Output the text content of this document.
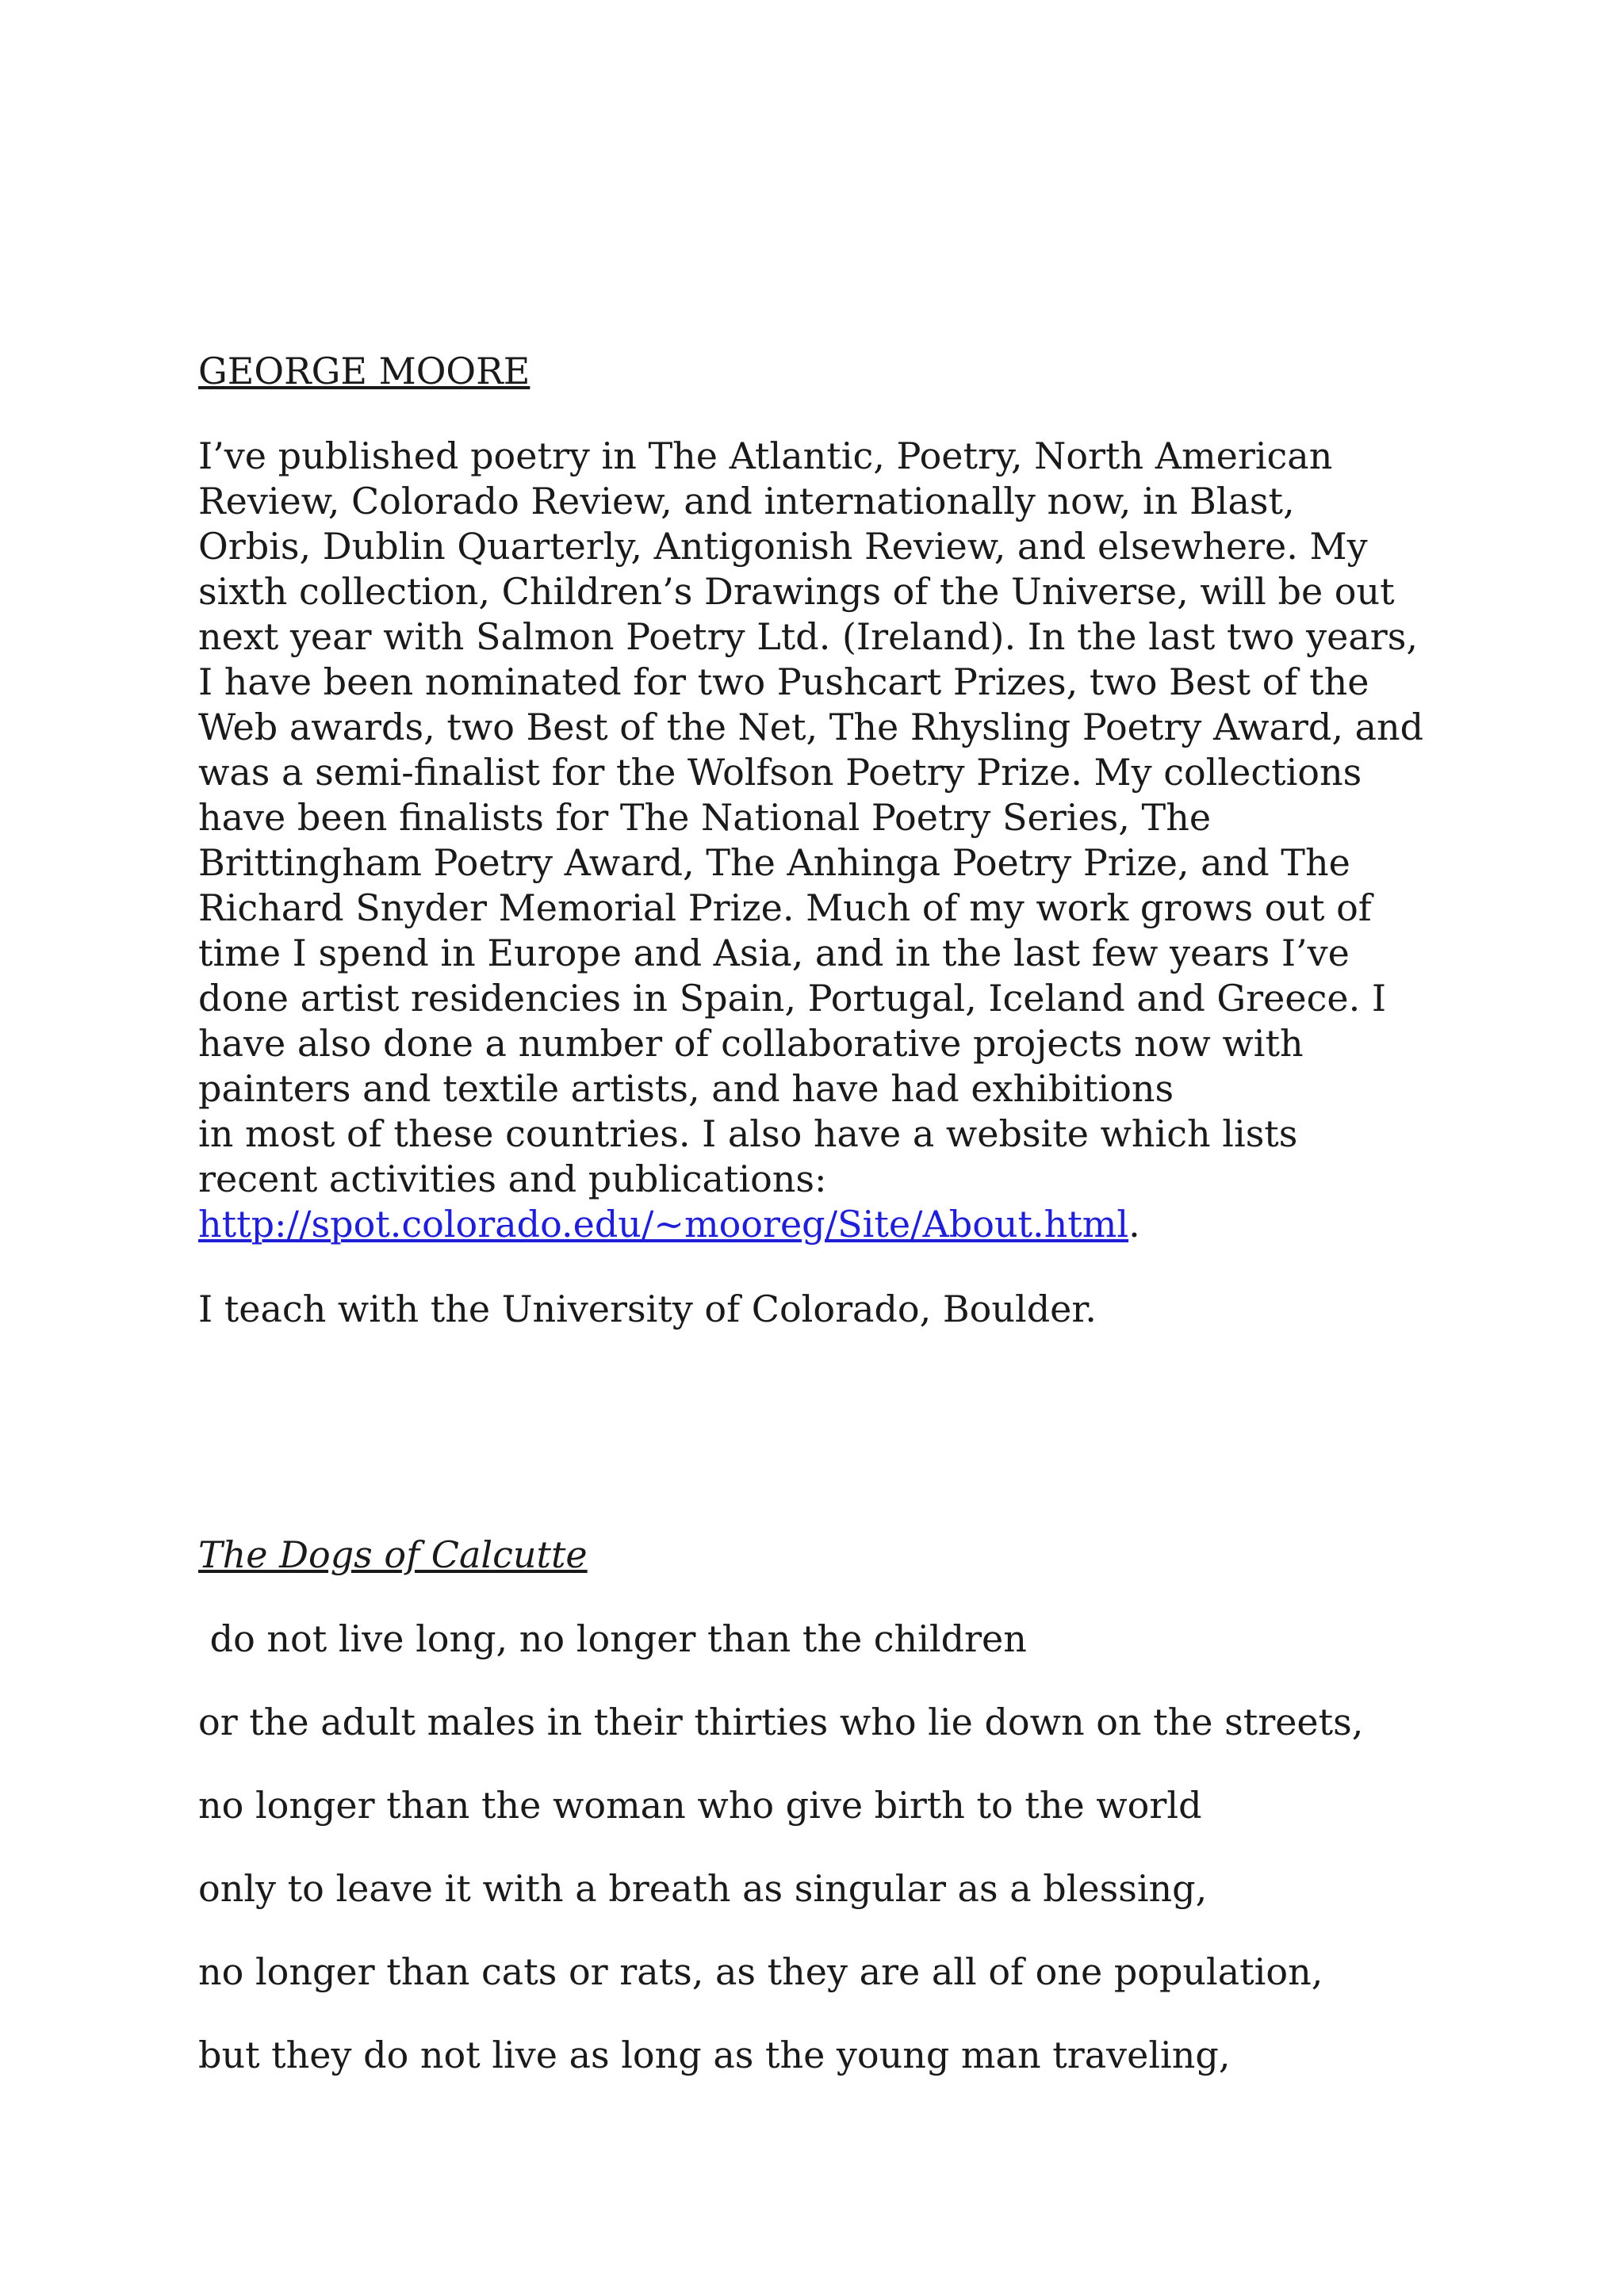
GEORGE MOORE

I’ve published poetry in The Atlantic, Poetry, North American
Review, Colorado Review, and internationally now, in Blast,
Orbis, Dublin Quarterly, Antigonish Review, and elsewhere. My
sixth collection, Children’s Drawings of the Universe, will be out
next year with Salmon Poetry Ltd. (Ireland). In the last two years,
I have been nominated for two Pushcart Prizes, two Best of the
Web awards, two Best of the Net, The Rhysling Poetry Award, and
was a semi-finalist for the Wolfson Poetry Prize. My collections
have been finalists for The National Poetry Series, The
Brittingham Poetry Award, The Anhinga Poetry Prize, and The
Richard Snyder Memorial Prize. Much of my work grows out of
time I spend in Europe and Asia, and in the last few years I’ve
done artist residencies in Spain, Portugal, Iceland and Greece. I
have also done a number of collaborative projects now with
painters and textile artists, and have had exhibitions
in most of these countries. I also have a website which lists
recent activities and publications:
http://spot.colorado.edu/~mooreg/Site/About.html.

I teach with the University of Colorado, Boulder.

The Dogs of Calcutte

do not live long, no longer than the children
or the adult males in their thirties who lie down on the streets,
no longer than the woman who give birth to the world
only to leave it with a breath as singular as a blessing,
no longer than cats or rats, as they are all of one population,
but they do not live as long as the young man traveling,
